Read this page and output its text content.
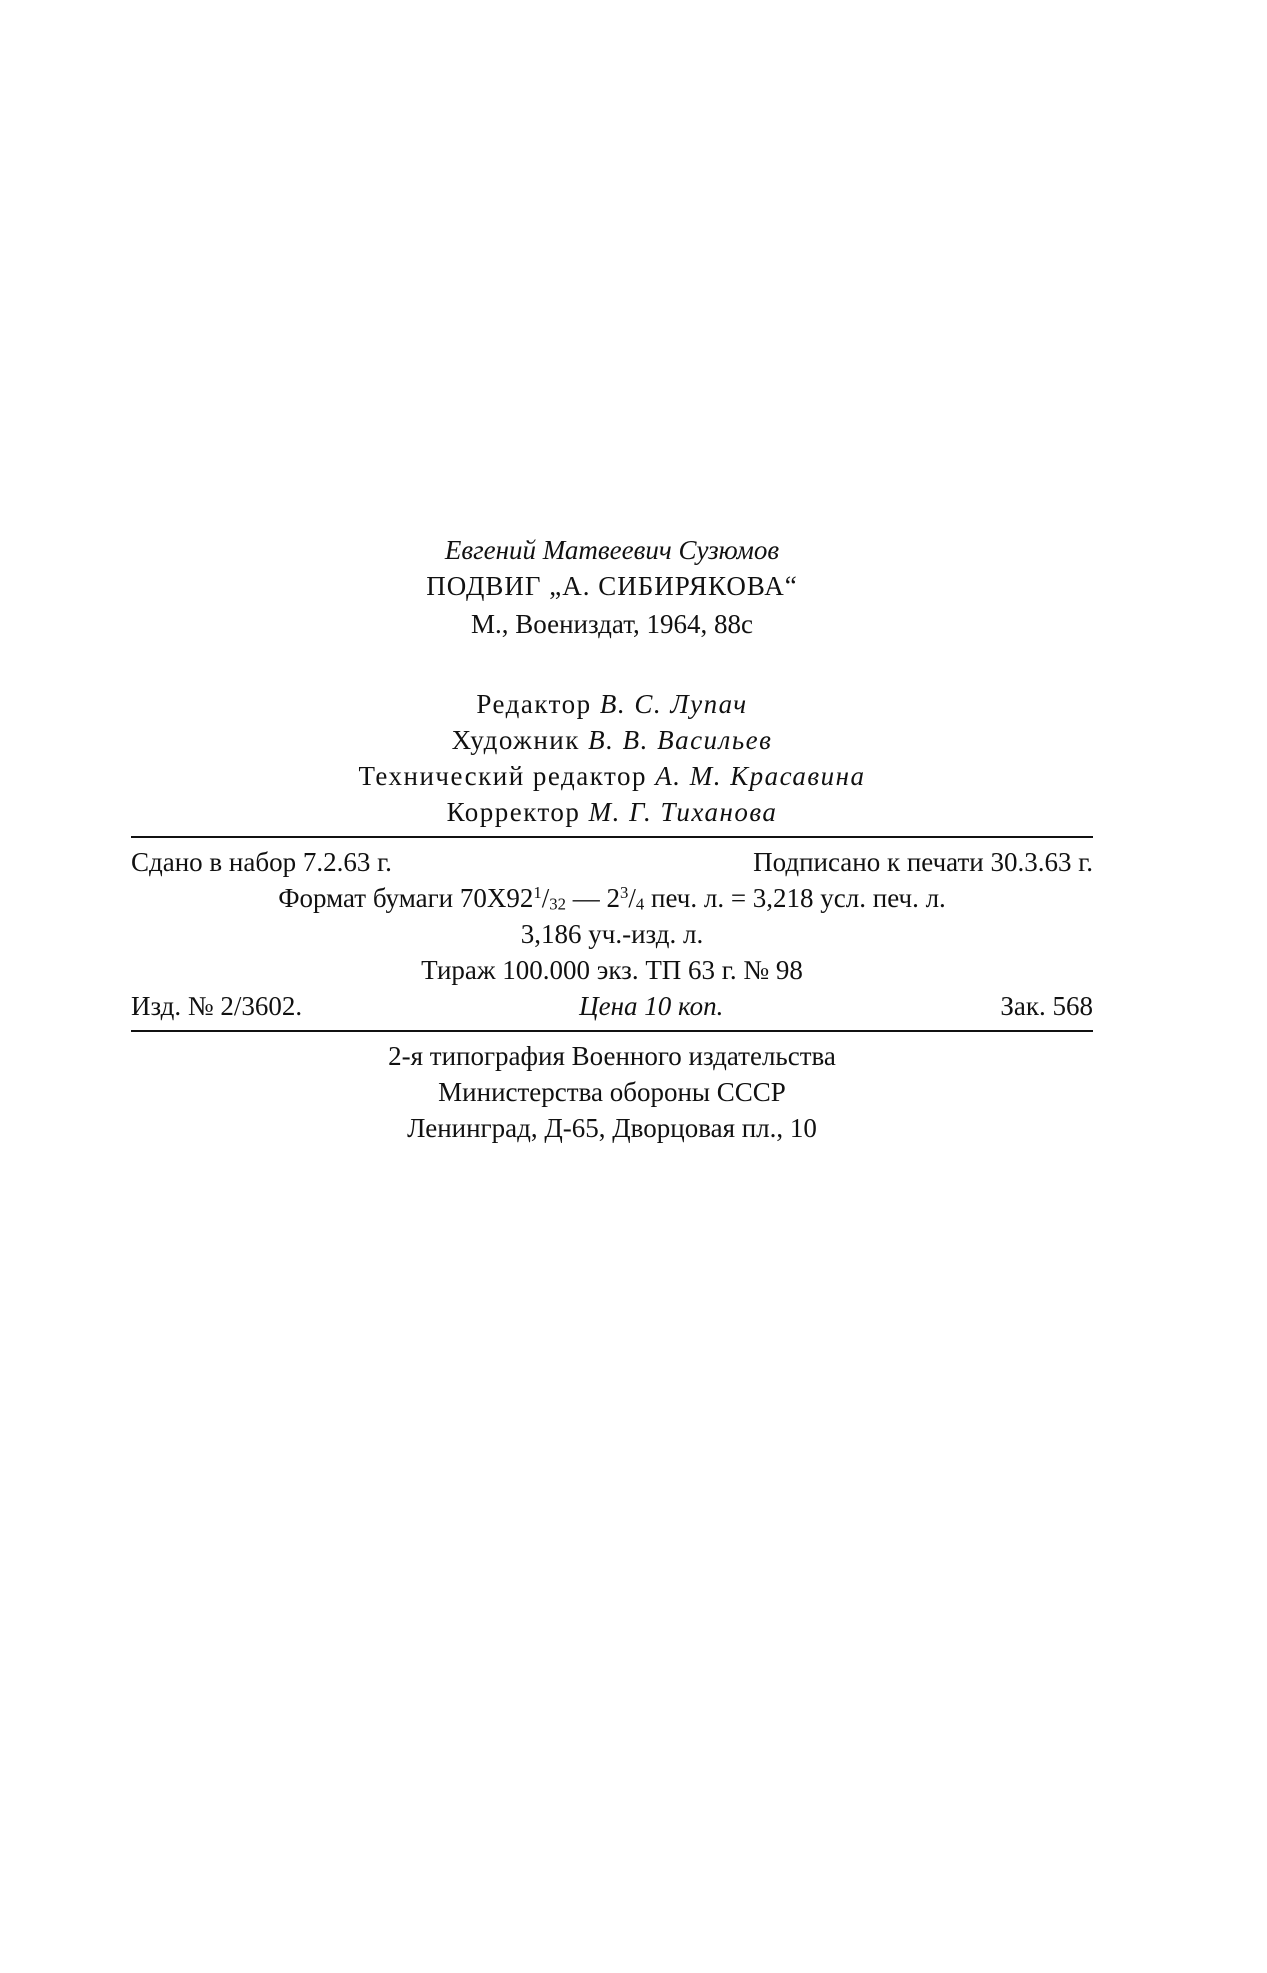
Евгений Матвеевич Сузюмов
ПОДВИГ „А. СИБИРЯКОВА“
М., Воениздат, 1964, 88с
Редактор В. С. Лупач
Художник В. В. Васильев
Технический редактор А. М. Красавина
Корректор М. Г. Тиханова
Сдано в набор 7.2.63 г.	Подписано к печати 30.3.63 г.
Формат бумаги $70Х92^1/_{32}$ — $2^3/_4$ печ. л. = 3,218 усл. печ. л.
3,186 уч.-изд. л.
Тираж 100.000 экз. ТП 63 г. № 98
Изд. № 2/3602.	Цена 10 коп.	Зак. 568
2-я типография Военного издательства
Министерства обороны СССР
Ленинград, Д-65, Дворцовая пл., 10
